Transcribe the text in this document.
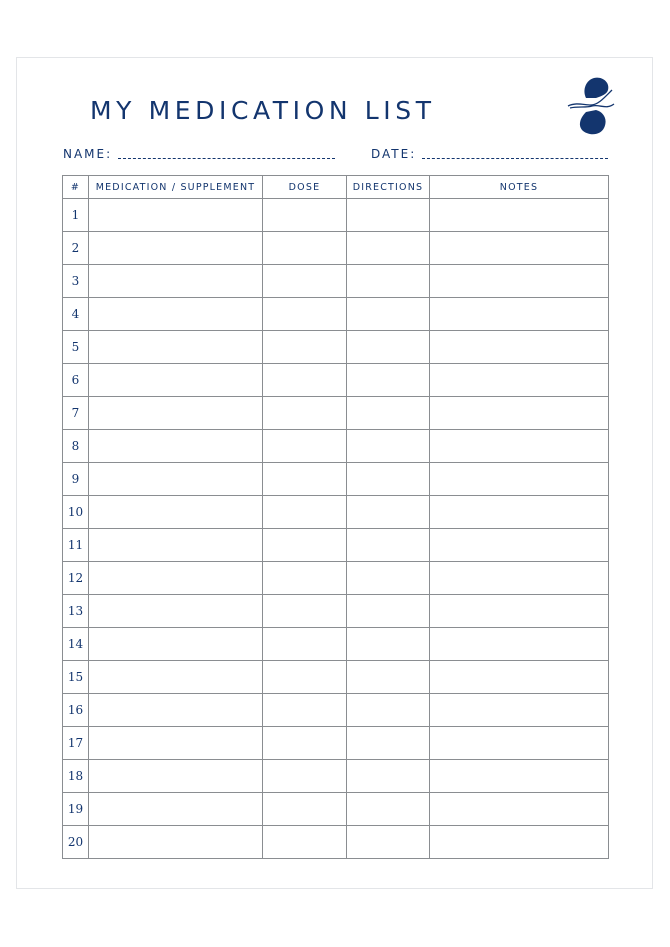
MY MEDICATION LIST
NAME:	DATE:
#	MEDICATION / SUPPLEMENT	DOSE	DIRECTIONS	NOTES
1				
2				
3				
4				
5				
6				
7				
8				
9				
10				
11				
12				
13				
14				
15				
16				
17				
18				
19				
20				
